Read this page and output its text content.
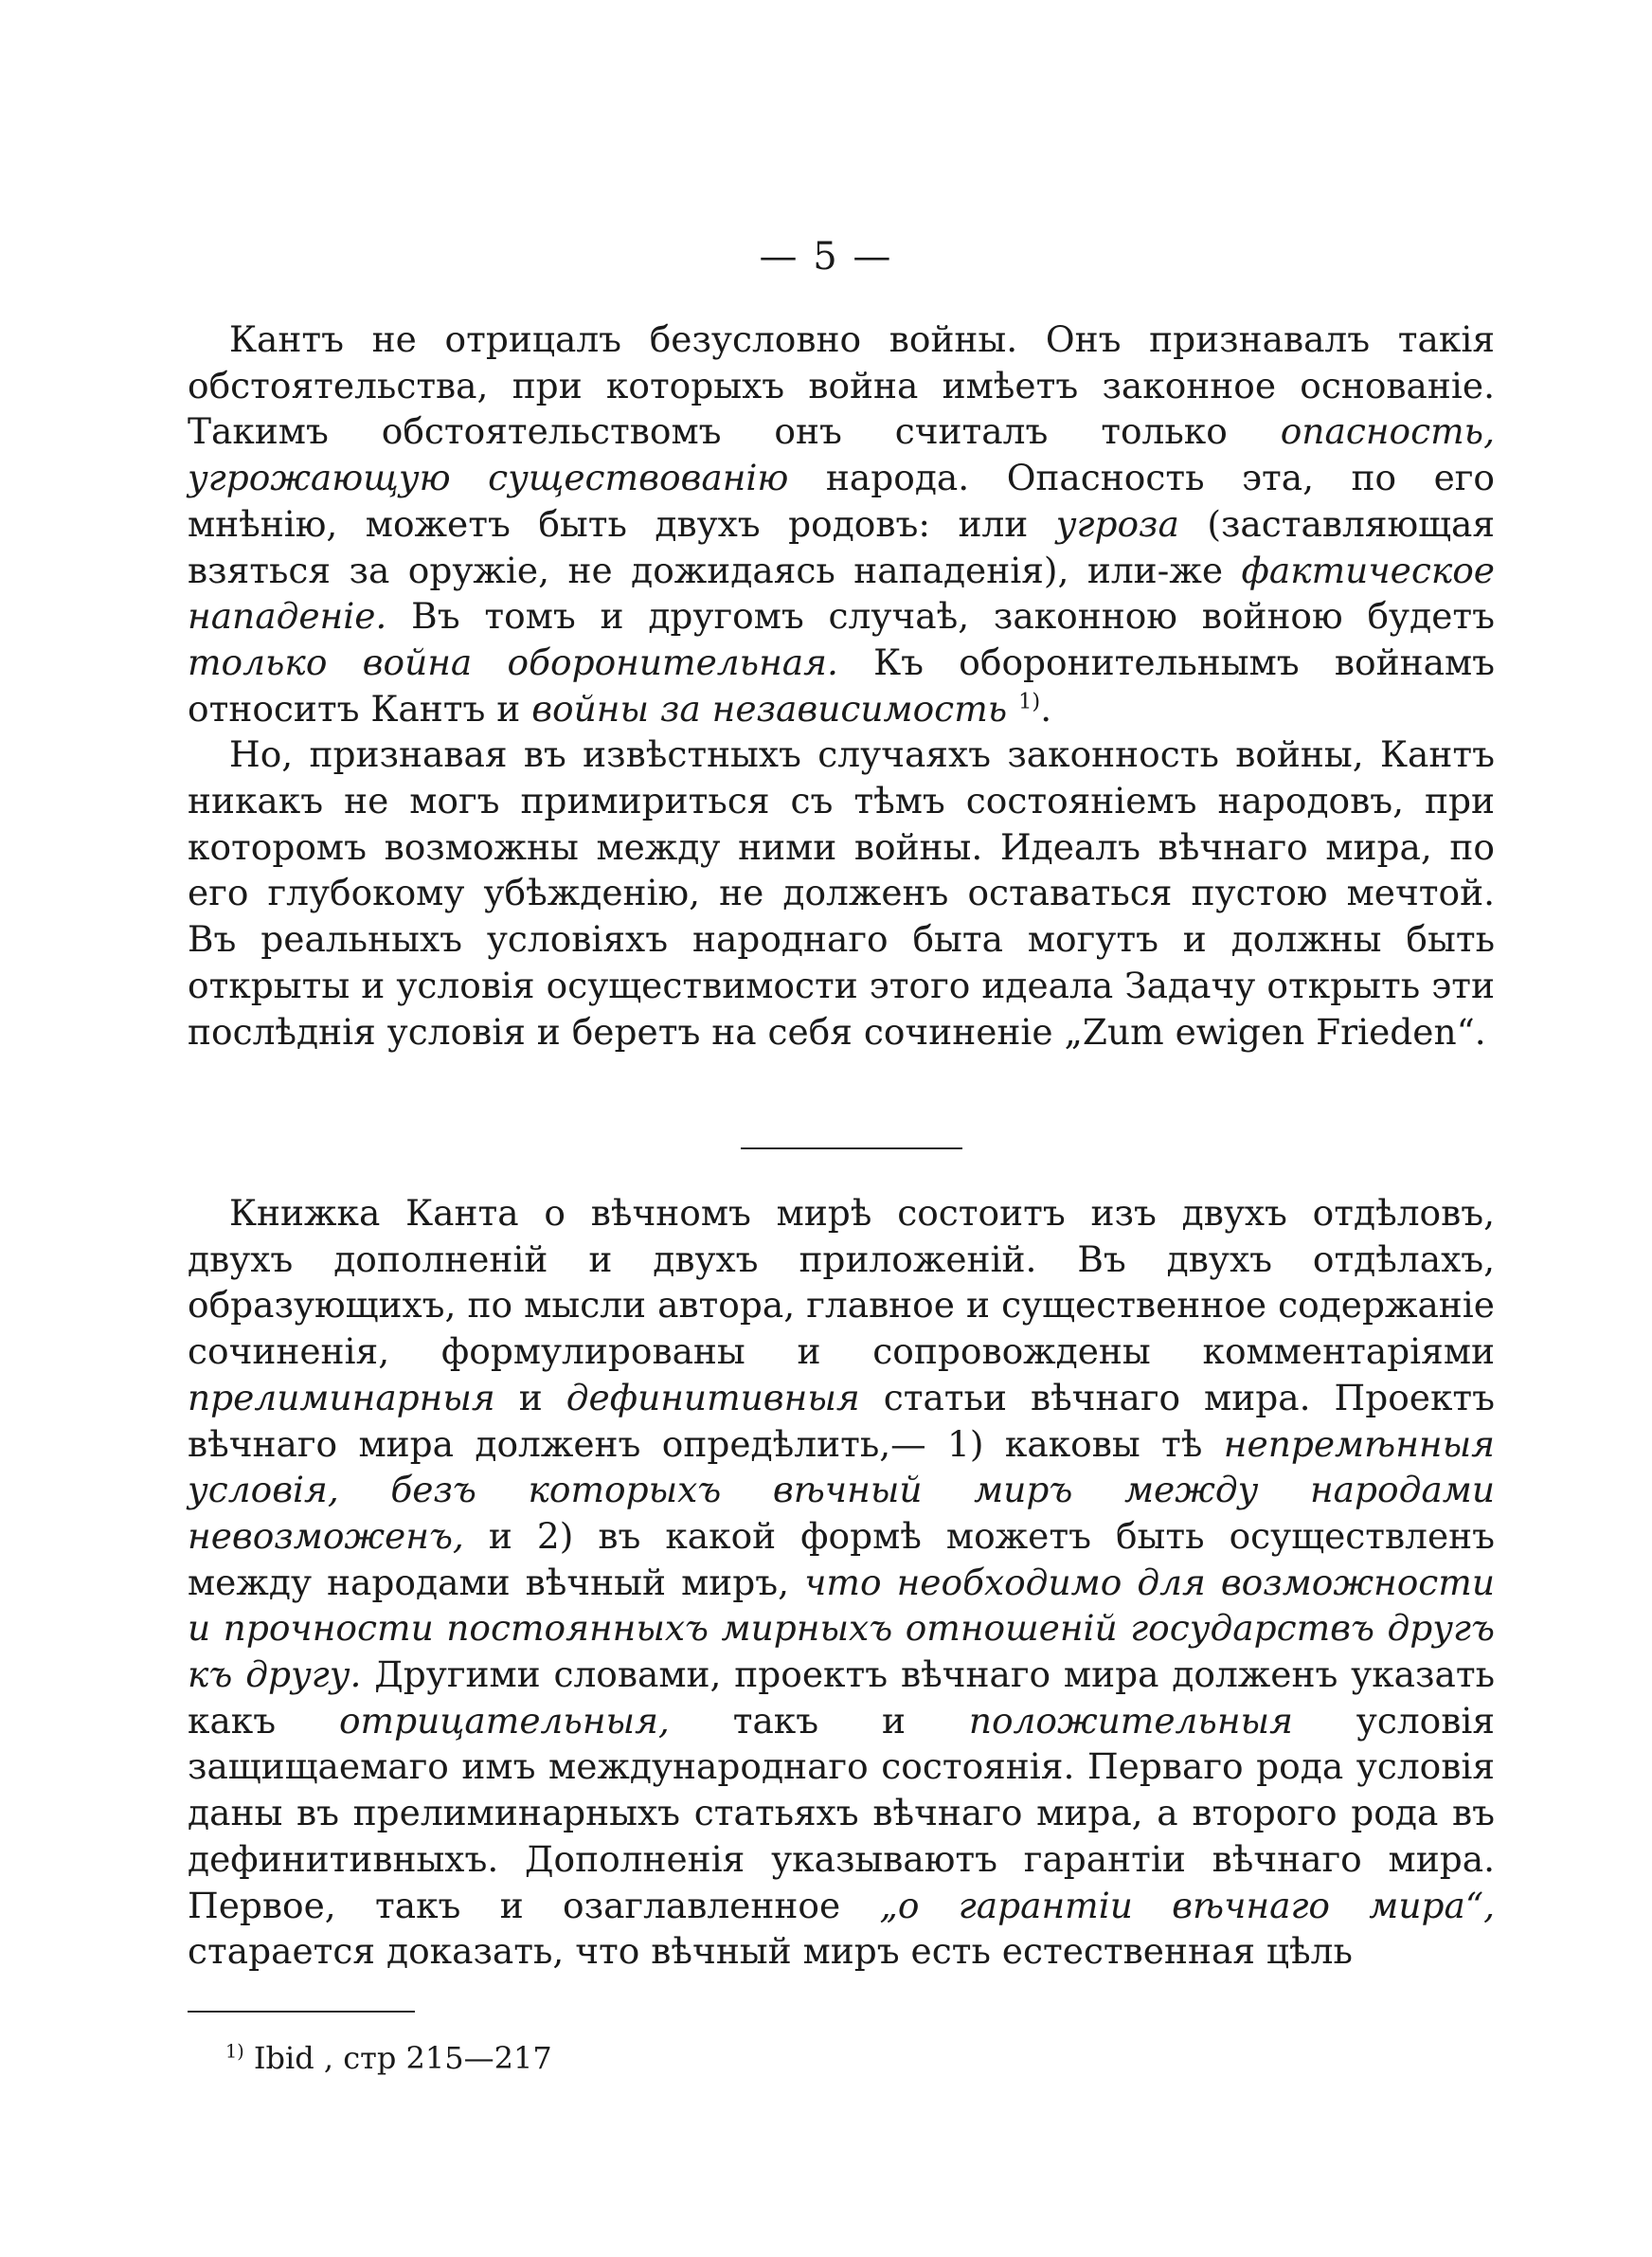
— 5 —

Кантъ не отрицалъ безусловно войны. Онъ признавалъ такія обстоятельства, при которыхъ война имѣетъ законное основаніе. Такимъ обстоятельствомъ онъ считалъ только опасность, угрожающую существованію народа. Опасность эта, по его мнѣнію, можетъ быть двухъ родовъ: или угроза (заставляющая взяться за оружіе, не дожидаясь нападенія), или-же фактическое нападеніе. Въ томъ и другомъ случаѣ, законною войною будетъ только война оборонительная. Къ оборонительнымъ войнамъ относитъ Кантъ и войны за независимость $^{1)}$.

Но, признавая въ извѣстныхъ случаяхъ законность войны, Кантъ никакъ не могъ примириться съ тѣмъ состояніемъ народовъ, при которомъ возможны между ними войны. Идеалъ вѣчнаго мира, по его глубокому убѣжденію, не долженъ оставаться пустою мечтой. Въ реальныхъ условіяхъ народнаго быта могутъ и должны быть открыты и условія осуществимости этого идеала Задачу открыть эти послѣднія условія и беретъ на себя сочиненіе „Zum ewigen Frieden“.

Книжка Канта о вѣчномъ мирѣ состоитъ изъ двухъ отдѣловъ, двухъ дополненій и двухъ приложеній. Въ двухъ отдѣлахъ, образующихъ, по мысли автора, главное и существенное содержаніе сочиненія, формулированы и сопровождены комментаріями прелиминарныя и дефинитивныя статьи вѣчнаго мира. Проектъ вѣчнаго мира долженъ опредѣлить,— 1) каковы тѣ непремѣнныя условія, безъ которыхъ вѣчный миръ между народами невозможенъ, и 2) въ какой формѣ можетъ быть осуществленъ между народами вѣчный миръ, что необходимо для возможности и прочности постоянныхъ мирныхъ отношеній государствъ другъ къ другу. Другими словами, проектъ вѣчнаго мира долженъ указать какъ отрицательныя, такъ и положительныя условія защищаемаго имъ международнаго состоянія. Перваго рода условія даны въ прелиминарныхъ статьяхъ вѣчнаго мира, а второго рода въ дефинитивныхъ. Дополненія указываютъ гарантіи вѣчнаго мира. Первое, такъ и озаглавленное „о гарантіи вѣчнаго мира“, старается доказать, что вѣчный миръ есть естественная цѣль

$^{1)}$ Ibid , стр 215—217
